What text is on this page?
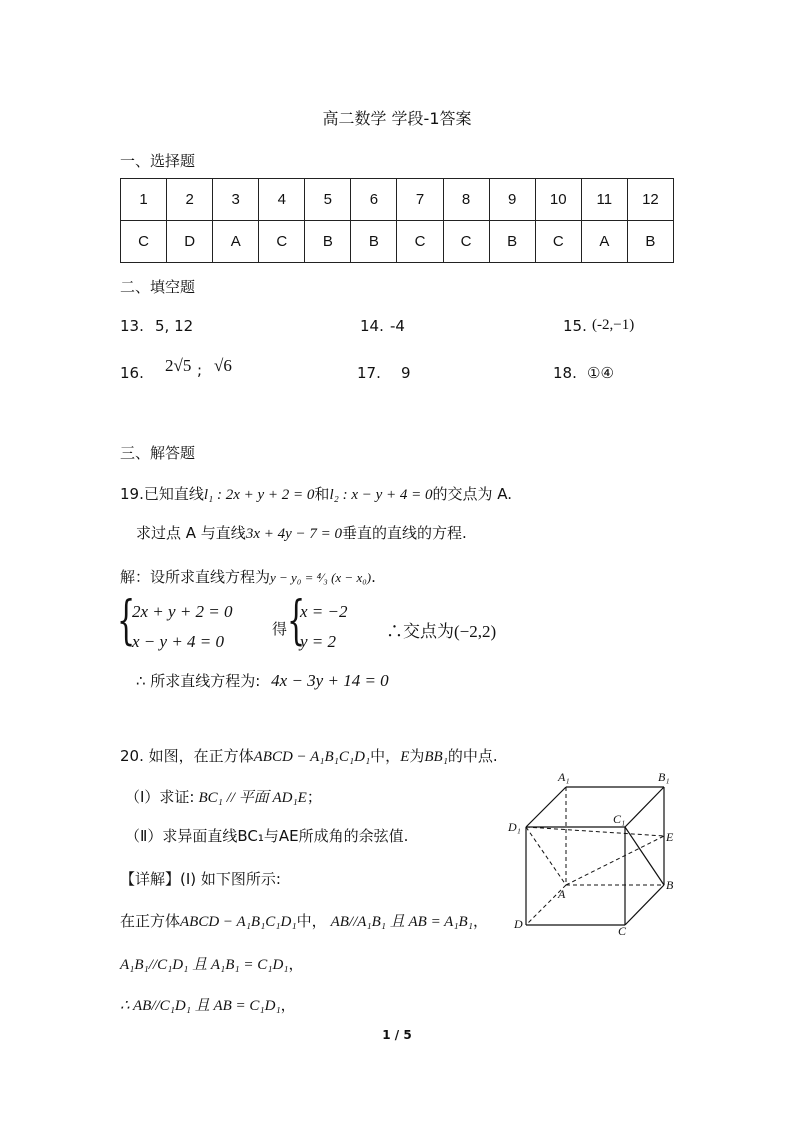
高二数学 学段-1答案
一、选择题
1	2	3	4	5	6	7	8	9	10	11	12
C	D	A	C	B	B	C	C	B	C	A	B
二、填空题
13. 5, 12	14. -4	15. (-2,−1)
16. 2√5 ; √6	17. 9	18. ①④
三、解答题
19.已知直线l₁ : 2x + y + 2 = 0和l₂ : x − y + 4 = 0的交点为 A.
求过点 A 与直线3x + 4y − 7 = 0垂直的直线的方程.
解：设所求直线方程为y − y₀ = ⁴⁄₃ (x − x₀).
{
2x + y + 2 = 0
x − y + 4 = 0
得 {
x = −2
y = 2
∴交点为(−2,2)
∴ 所求直线方程为: 4x − 3y + 14 = 0
20. 如图，在正方体ABCD − A₁B₁C₁D₁中，E为BB₁的中点.
（Ⅰ）求证: BC₁ // 平面 AD₁E；
（Ⅱ）求异面直线BC₁与AE所成角的余弦值.
【详解】(Ⅰ) 如下图所示:
在正方体ABCD − A₁B₁C₁D₁中， AB//A₁B₁ 且 AB = A₁B₁，
A₁B₁//C₁D₁ 且 A₁B₁ = C₁D₁，
∴ AB//C₁D₁ 且 AB = C₁D₁，
A₁	B₁
C₁
D₁
A
B
C
D
E
1 / 5
